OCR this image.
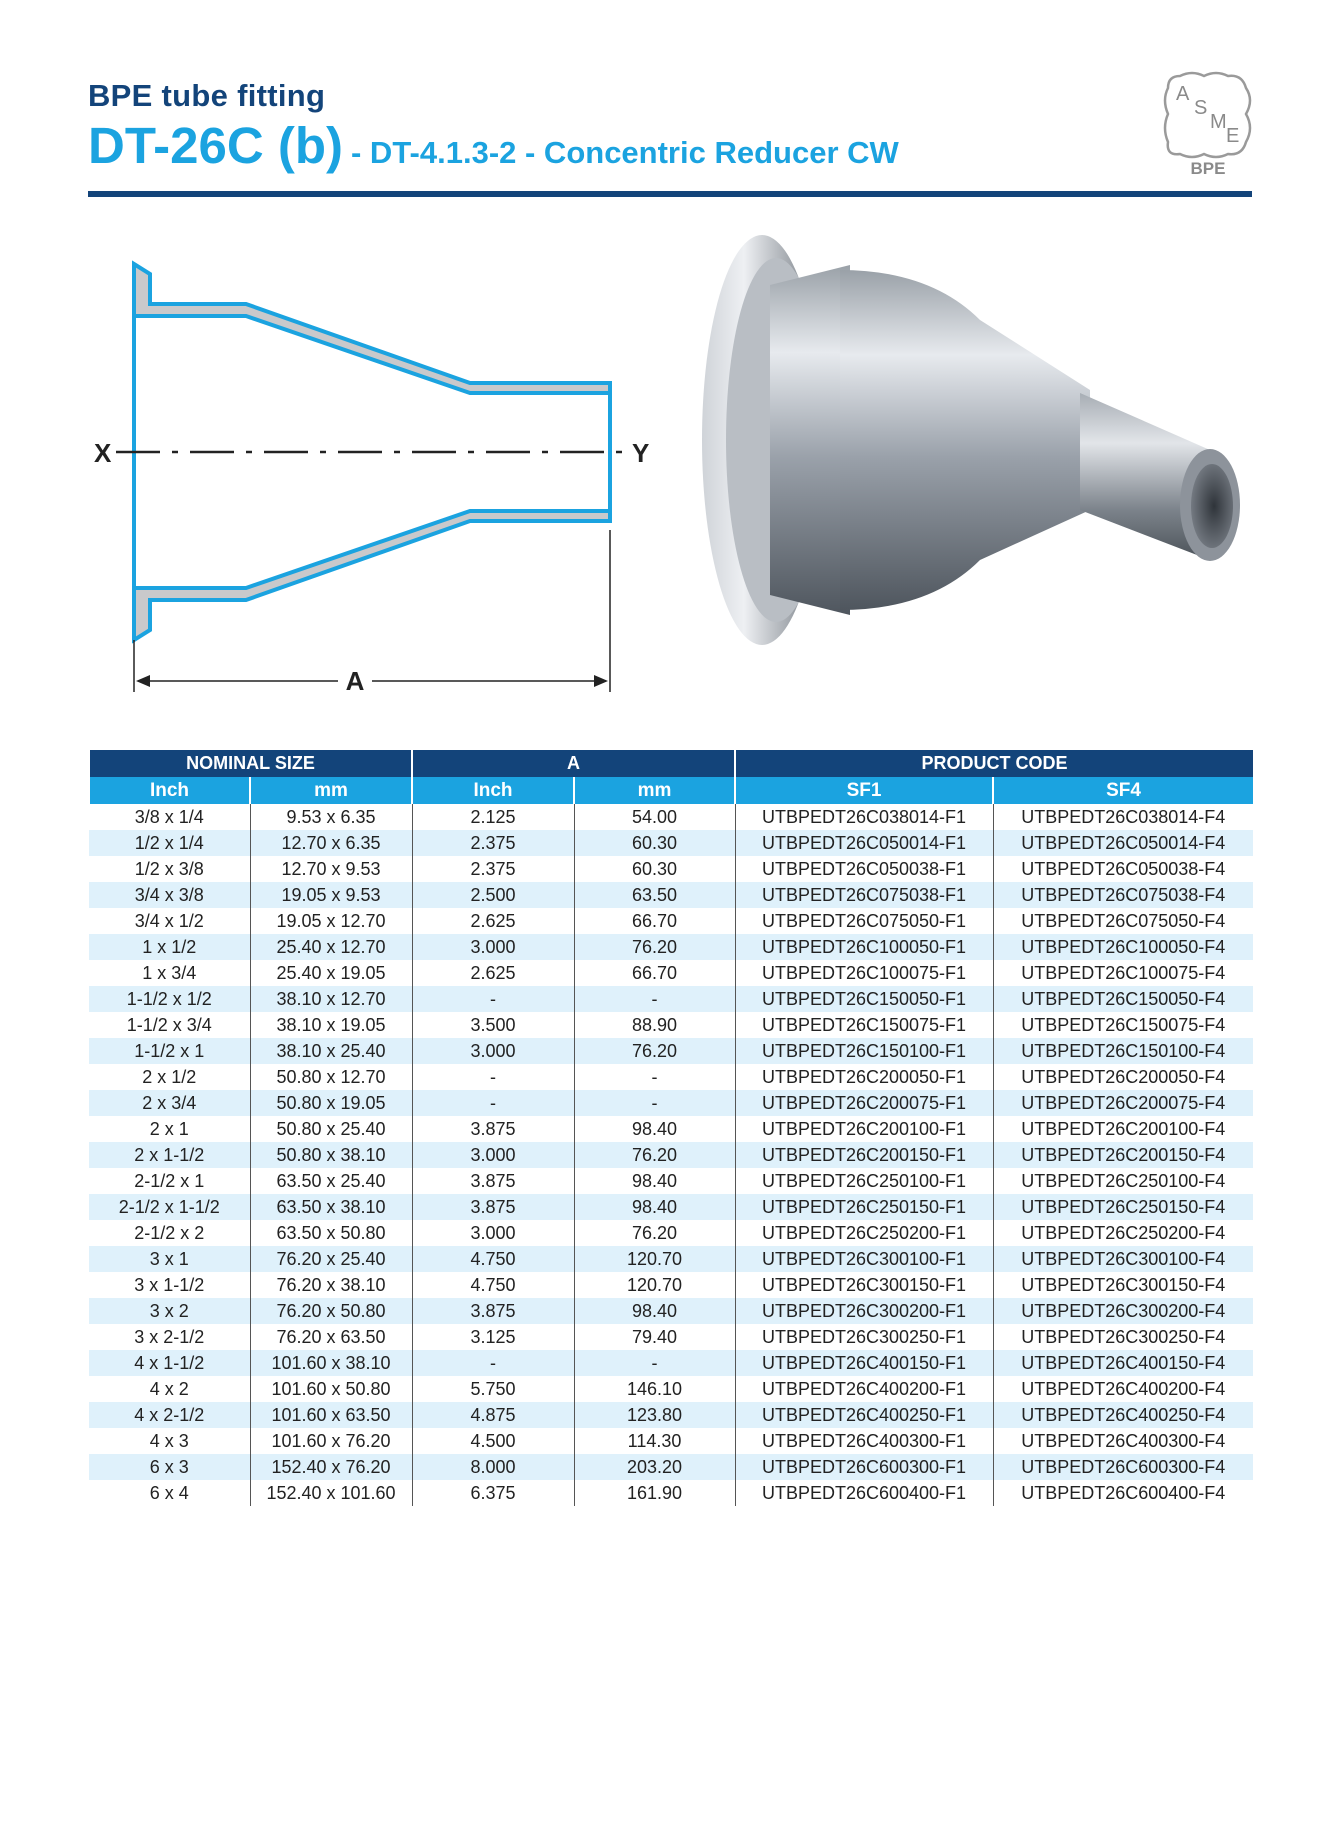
BPE tube fitting
DT-26C (b) - DT-4.1.3-2 - Concentric Reducer CW
A
S
M
E
BPE
X	Y
A
NOMINAL SIZE		A		PRODUCT CODE	
Inch	mm	Inch	mm	SF1	SF4
3/8 x 1/4	9.53 x 6.35	2.125	54.00	UTBPEDT26C038014-F1	UTBPEDT26C038014-F4
1/2 x 1/4	12.70 x 6.35	2.375	60.30	UTBPEDT26C050014-F1	UTBPEDT26C050014-F4
1/2 x 3/8	12.70 x 9.53	2.375	60.30	UTBPEDT26C050038-F1	UTBPEDT26C050038-F4
3/4 x 3/8	19.05 x 9.53	2.500	63.50	UTBPEDT26C075038-F1	UTBPEDT26C075038-F4
3/4 x 1/2	19.05 x 12.70	2.625	66.70	UTBPEDT26C075050-F1	UTBPEDT26C075050-F4
1 x 1/2	25.40 x 12.70	3.000	76.20	UTBPEDT26C100050-F1	UTBPEDT26C100050-F4
1 x 3/4	25.40 x 19.05	2.625	66.70	UTBPEDT26C100075-F1	UTBPEDT26C100075-F4
1-1/2 x 1/2	38.10 x 12.70	-	-	UTBPEDT26C150050-F1	UTBPEDT26C150050-F4
1-1/2 x 3/4	38.10 x 19.05	3.500	88.90	UTBPEDT26C150075-F1	UTBPEDT26C150075-F4
1-1/2 x 1	38.10 x 25.40	3.000	76.20	UTBPEDT26C150100-F1	UTBPEDT26C150100-F4
2 x 1/2	50.80 x 12.70	-	-	UTBPEDT26C200050-F1	UTBPEDT26C200050-F4
2 x 3/4	50.80 x 19.05	-	-	UTBPEDT26C200075-F1	UTBPEDT26C200075-F4
2 x 1	50.80 x 25.40	3.875	98.40	UTBPEDT26C200100-F1	UTBPEDT26C200100-F4
2 x 1-1/2	50.80 x 38.10	3.000	76.20	UTBPEDT26C200150-F1	UTBPEDT26C200150-F4
2-1/2 x 1	63.50 x 25.40	3.875	98.40	UTBPEDT26C250100-F1	UTBPEDT26C250100-F4
2-1/2 x 1-1/2	63.50 x 38.10	3.875	98.40	UTBPEDT26C250150-F1	UTBPEDT26C250150-F4
2-1/2 x 2	63.50 x 50.80	3.000	76.20	UTBPEDT26C250200-F1	UTBPEDT26C250200-F4
3 x 1	76.20 x 25.40	4.750	120.70	UTBPEDT26C300100-F1	UTBPEDT26C300100-F4
3 x 1-1/2	76.20 x 38.10	4.750	120.70	UTBPEDT26C300150-F1	UTBPEDT26C300150-F4
3 x 2	76.20 x 50.80	3.875	98.40	UTBPEDT26C300200-F1	UTBPEDT26C300200-F4
3 x 2-1/2	76.20 x 63.50	3.125	79.40	UTBPEDT26C300250-F1	UTBPEDT26C300250-F4
4 x 1-1/2	101.60 x 38.10	-	-	UTBPEDT26C400150-F1	UTBPEDT26C400150-F4
4 x 2	101.60 x 50.80	5.750	146.10	UTBPEDT26C400200-F1	UTBPEDT26C400200-F4
4 x 2-1/2	101.60 x 63.50	4.875	123.80	UTBPEDT26C400250-F1	UTBPEDT26C400250-F4
4 x 3	101.60 x 76.20	4.500	114.30	UTBPEDT26C400300-F1	UTBPEDT26C400300-F4
6 x 3	152.40 x 76.20	8.000	203.20	UTBPEDT26C600300-F1	UTBPEDT26C600300-F4
6 x 4	152.40 x 101.60	6.375	161.90	UTBPEDT26C600400-F1	UTBPEDT26C600400-F4
